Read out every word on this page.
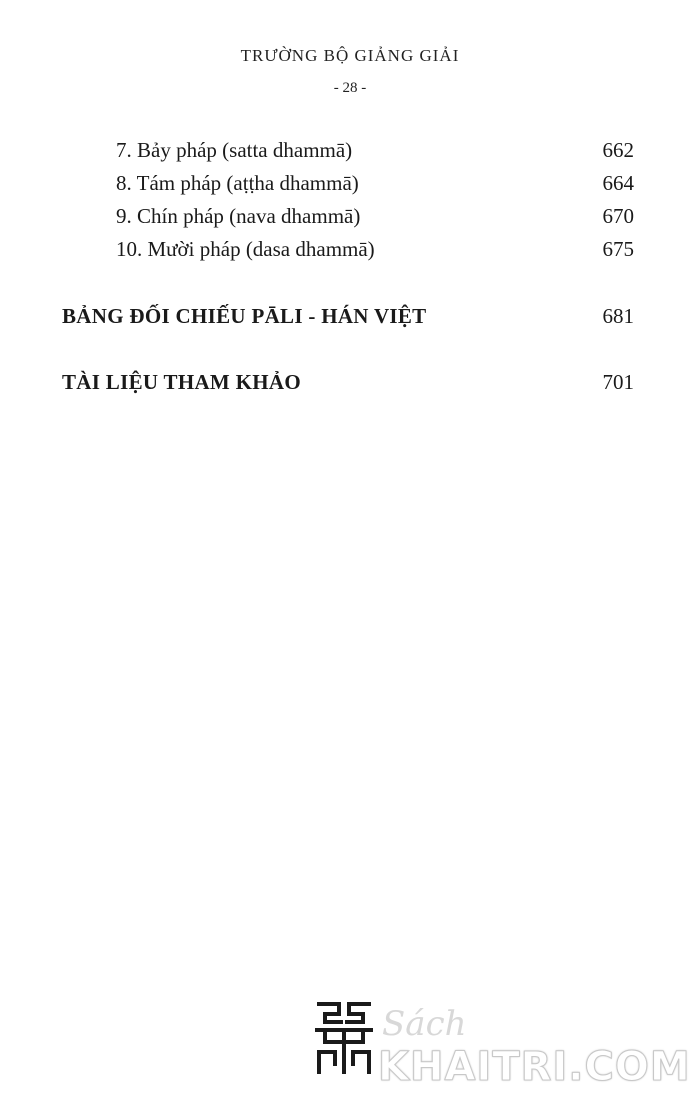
TRƯỜNG BỘ GIẢNG GIẢI
- 28 -
7. Bảy pháp (satta dhammā)	662
8. Tám pháp (aṭṭha dhammā)	664
9. Chín pháp (nava dhammā)	670
10. Mười pháp (dasa dhammā)	675
BẢNG ĐỐI CHIẾU PĀLI - HÁN VIỆT	681
TÀI LIỆU THAM KHẢO	701
Sách
KHAITRI.COM
